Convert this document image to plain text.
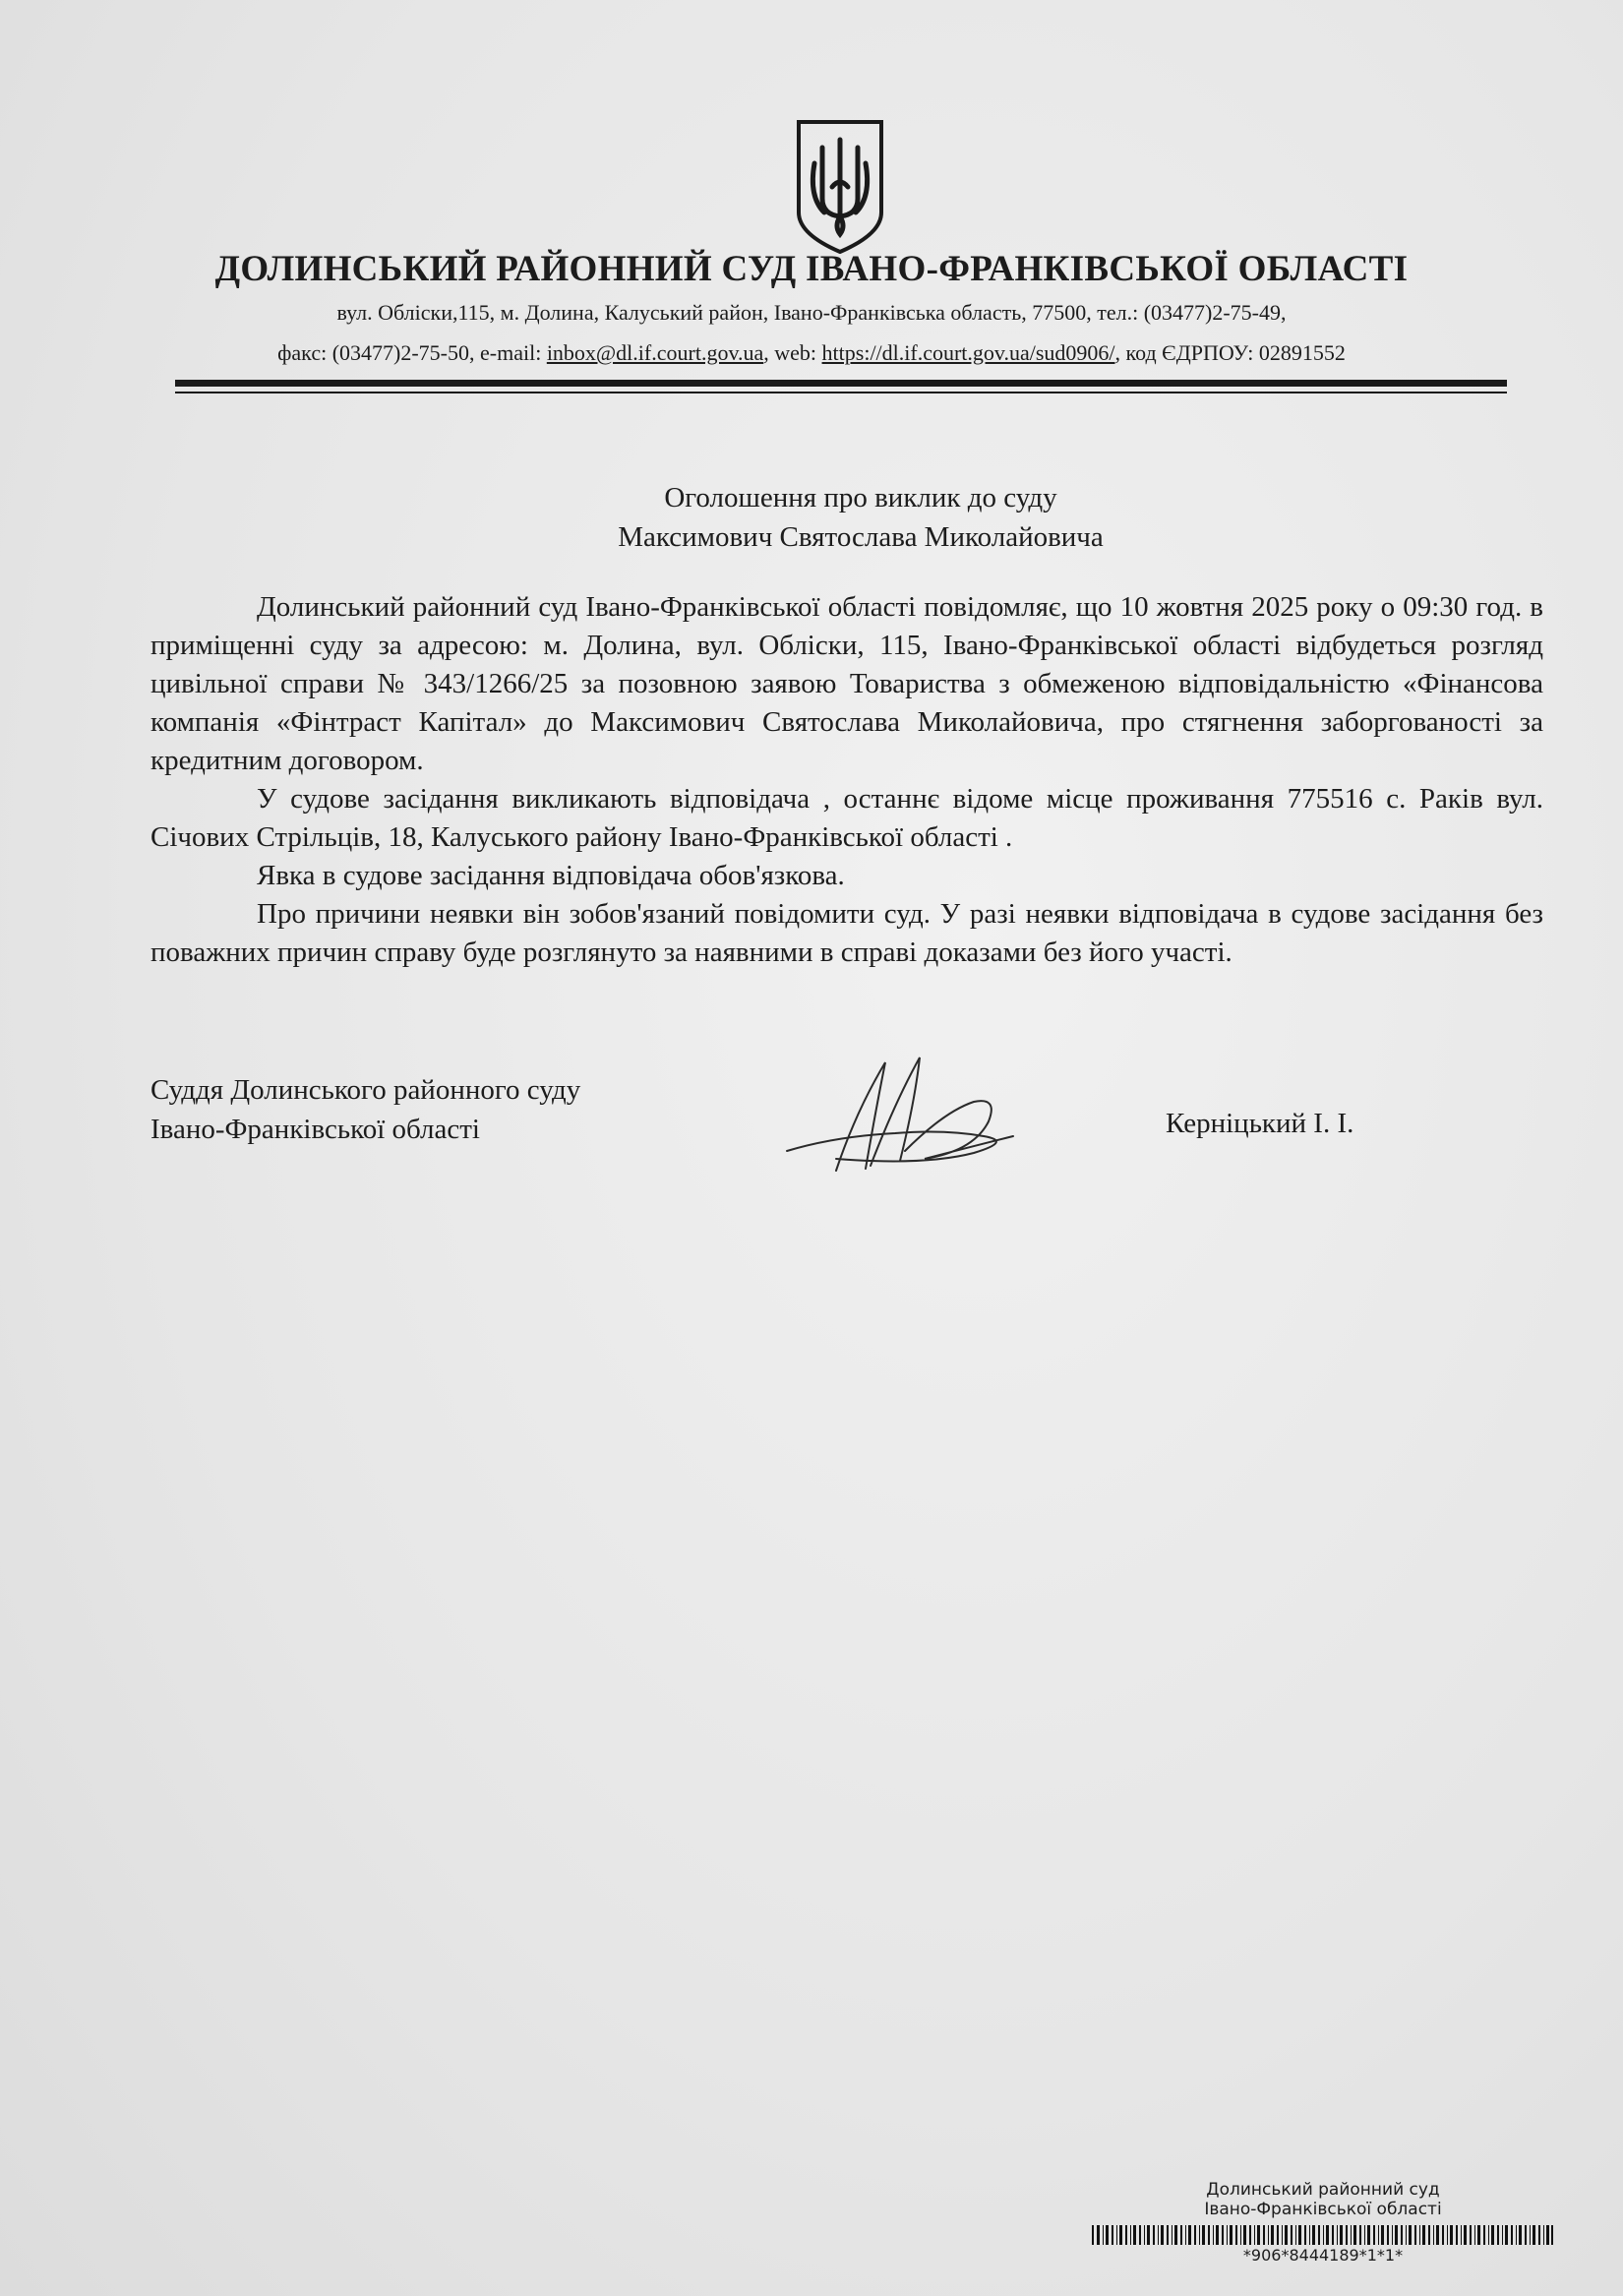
ДОЛИНСЬКИЙ РАЙОННИЙ СУД ІВАНО-ФРАНКІВСЬКОЇ ОБЛАСТІ
вул. Обліски,115, м. Долина, Калуський район, Івано-Франківська область, 77500, тел.: (03477)2-75-49,
факс: (03477)2-75-50, e-mail: inbox@dl.if.court.gov.ua, web: https://dl.if.court.gov.ua/sud0906/, код ЄДРПОУ: 02891552
Оголошення про виклик до суду
Максимович Святослава Миколайовича

Долинський районний суд Івано-Франківської області повідомляє, що 10 жовтня 2025 року о 09:30 год. в приміщенні суду за адресою: м. Долина, вул. Обліски, 115, Івано-Франківської області відбудеться розгляд цивільної справи № 343/1266/25 за позовною заявою Товариства з обмеженою відповідальністю «Фінансова компанія «Фінтраст Капітал» до Максимович Святослава Миколайовича, про стягнення заборгованості за кредитним договором.

У судове засідання викликають відповідача , останнє відоме місце проживання 775516 с. Раків вул. Січових Стрільців, 18, Калуського району Івано-Франківської області .

Явка в судове засідання відповідача обов'язкова.

Про причини неявки він зобов'язаний повідомити суд. У разі неявки відповідача в судове засідання без поважних причин справу буде розглянуто за наявними в справі доказами без його участі.

Суддя Долинського районного суду
Івано-Франківської області	Керніцький І. І.
Долинський районний суд
Івано-Франківської області
*906*8444189*1*1*
